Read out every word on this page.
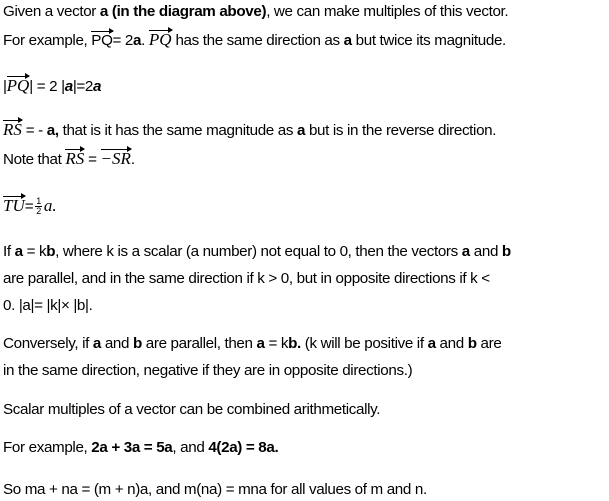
Given a vector a (in the diagram above), we can make multiples of this vector.
For example, PQ= 2a. PQ has the same direction as a but twice its magnitude.
|PQ| = 2 |a|=2a
RS = - a, that is it has the same magnitude as a but is in the reverse direction.
Note that RS = −SR.
$TU= \frac{1}{2} a$.
If a = kb, where k is a scalar (a number) not equal to 0, then the vectors a and b
are parallel, and in the same direction if k > 0, but in opposite directions if k <
0. |a|= |k|× |b|.
Conversely, if a and b are parallel, then a = kb. (k will be positive if a and b are
in the same direction, negative if they are in opposite directions.)
Scalar multiples of a vector can be combined arithmetically.
For example, 2a + 3a = 5a, and 4(2a) = 8a.
So ma + na = (m + n)a, and m(na) = mna for all values of m and n.
